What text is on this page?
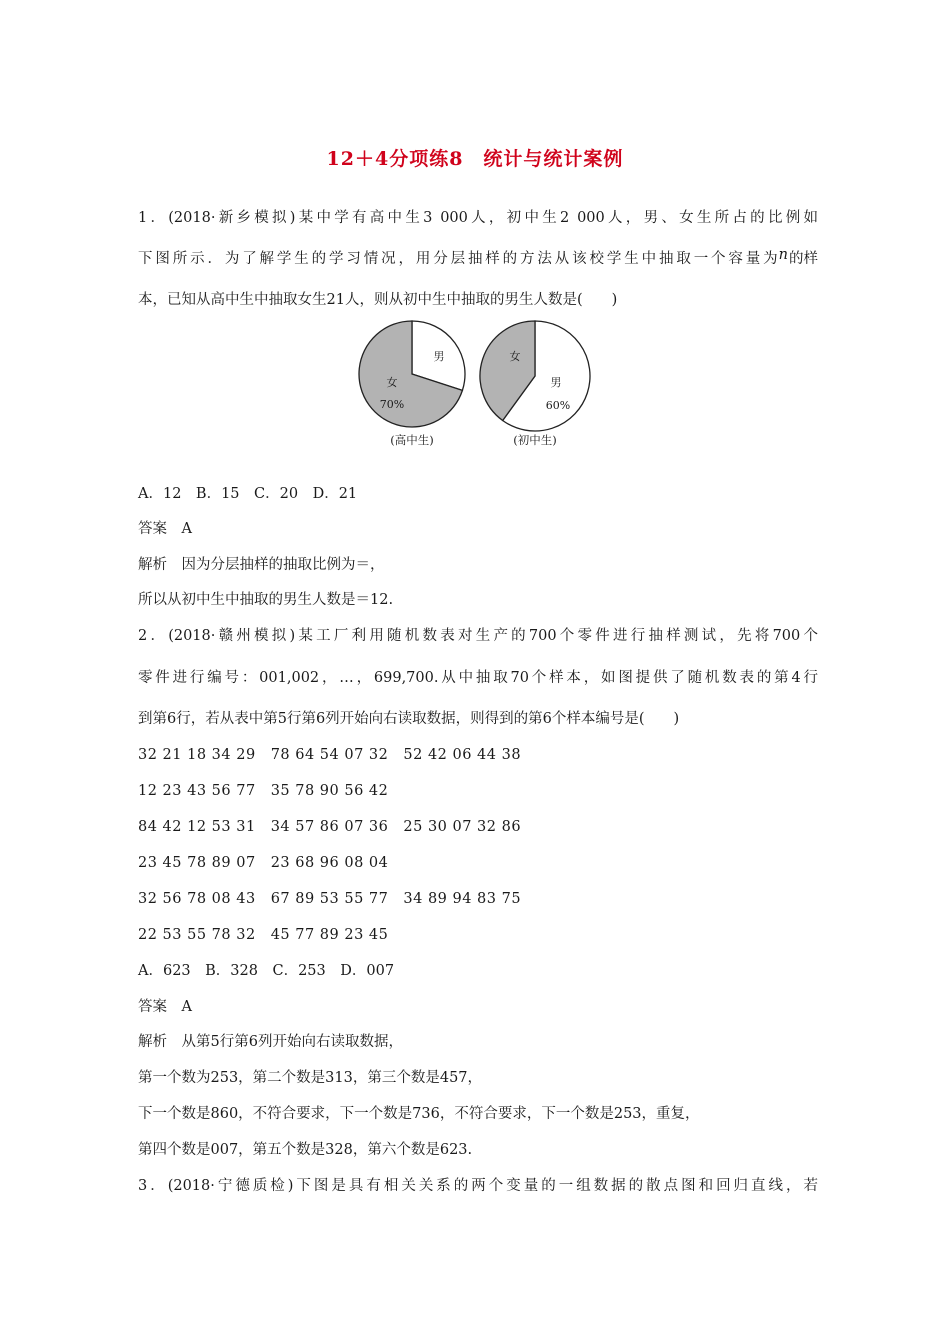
12＋4分项练8　统计与统计案例
1．(2018·新乡模拟)某中学有高中生3 000人，初中生2 000人，男、女生所占的比例如
下图所示．为了解学生的学习情况，用分层抽样的方法从该校学生中抽取一个容量为 n 的样
本，已知从高中生中抽取女生21人，则从初中生中抽取的男生人数是(　　)
女
男
70%
(高中生)
男
女
60%
(初中生)
A．12　B．15　C．20　D．21
答案　A
解析　因为分层抽样的抽取比例为＝，
所以从初中生中抽取的男生人数是＝12.
2．(2018·赣州模拟)某工厂利用随机数表对生产的700个零件进行抽样测试，先将700个
零件进行编号：001,002，…，699,700.从中抽取70个样本，如图提供了随机数表的第4行
到第6行，若从表中第5行第6列开始向右读取数据，则得到的第6个样本编号是(　　)
32 21 18 34 29　78 64 54 07 32　52 42 06 44 38
12 23 43 56 77　35 78 90 56 42
84 42 12 53 31　34 57 86 07 36　25 30 07 32 86
23 45 78 89 07　23 68 96 08 04
32 56 78 08 43　67 89 53 55 77　34 89 94 83 75
22 53 55 78 32　45 77 89 23 45
A．623　B．328　C．253　D．007
答案　A
解析　从第5行第6列开始向右读取数据，
第一个数为253，第二个数是313，第三个数是457，
下一个数是860，不符合要求，下一个数是736，不符合要求，下一个数是253，重复，
第四个数是007，第五个数是328，第六个数是623.
3．(2018·宁德质检)下图是具有相关关系的两个变量的一组数据的散点图和回归直线，若
